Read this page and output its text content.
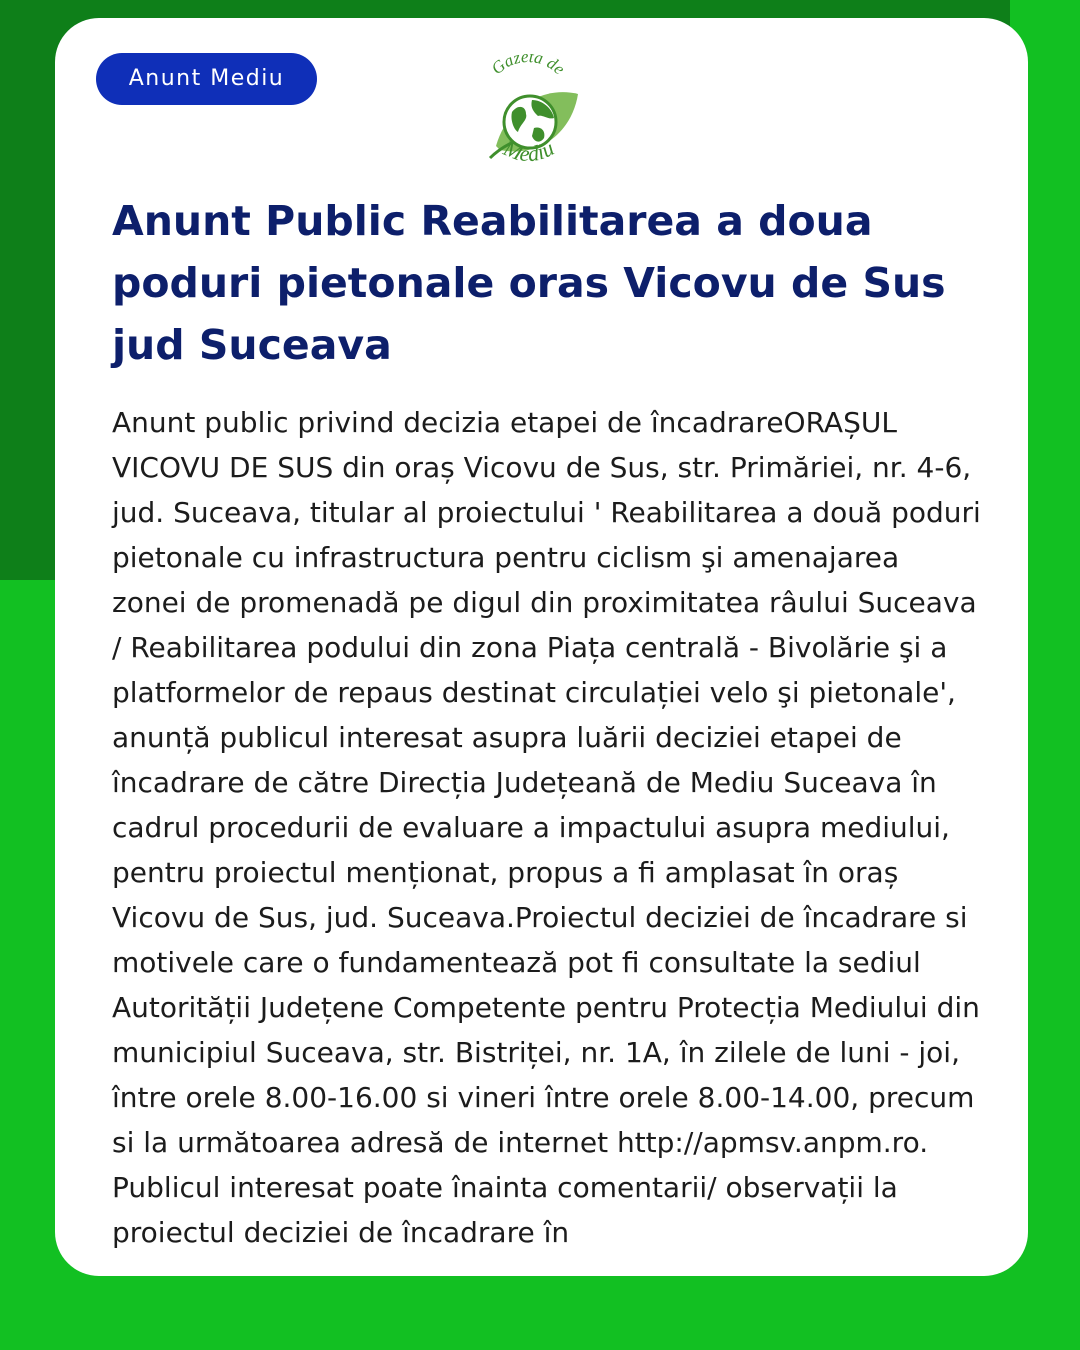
Anunt Mediu	Gazeta de
Mediu
Anunt Public Reabilitarea a doua poduri pietonale oras Vicovu de Sus jud Suceava

Anunt public privind decizia etapei de încadrareORAȘUL VICOVU DE SUS din oraș Vicovu de Sus, str. Primăriei, nr. 4-6, jud. Suceava, titular al proiectului ' Reabilitarea a două poduri pietonale cu infrastructura pentru ciclism şi amenajarea zonei de promenadă pe digul din proximitatea râului Suceava / Reabilitarea podului din zona Piața centrală - Bivolărie şi a platformelor de repaus destinat circulației velo şi pietonale', anunță publicul interesat asupra luării deciziei etapei de încadrare de către Direcția Județeană de Mediu Suceava în cadrul procedurii de evaluare a impactului asupra mediului, pentru proiectul menționat, propus a fi amplasat în oraș Vicovu de Sus, jud. Suceava.Proiectul deciziei de încadrare si motivele care o fundamentează pot fi consultate la sediul Autorității Județene Competente pentru Protecția Mediului din municipiul Suceava, str. Bistriței, nr. 1A, în zilele de luni - joi, între orele 8.00-16.00 si vineri între orele 8.00-14.00, precum si la următoarea adresă de internet http://apmsv.anpm.ro. Publicul interesat poate înainta comentarii/ observații la proiectul deciziei de încadrare în
